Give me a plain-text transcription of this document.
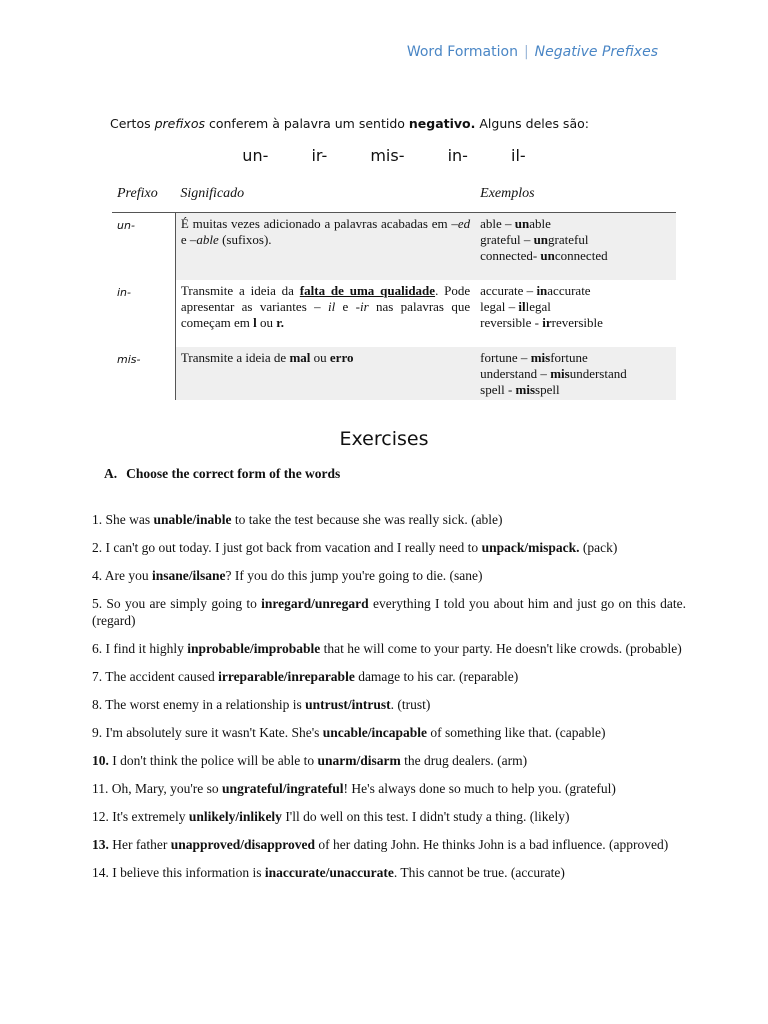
Word Formation | Negative Prefixes
Certos prefixos conferem à palavra um sentido negativo. Alguns deles são:
un-	ir-	mis-	in-	il-
Prefixo	Significado	Exemplos
un-	É muitas vezes adicionado a palavras acabadas em –ed e –able (sufixos).	able – unable
grateful – ungrateful
connected- unconnected

in-	Transmite a ideia da falta de uma qualidade. Pode apresentar as variantes – il e -ir nas palavras que começam em l ou r.	accurate – inaccurate
legal – illegal
reversible - irreversible

mis-	Transmite a ideia de mal ou erro	fortune – misfortune
understand – misunderstand
spell - misspell
Exercises
A. Choose the correct form of the words
1. She was unable/inable to take the test because she was really sick. (able)
2. I can't go out today. I just got back from vacation and I really need to unpack/mispack. (pack)
4. Are you insane/ilsane? If you do this jump you're going to die. (sane)
5. So you are simply going to inregard/unregard everything I told you about him and just go on this date. (regard)
6. I find it highly inprobable/improbable that he will come to your party. He doesn't like crowds. (probable)
7. The accident caused irreparable/inreparable damage to his car. (reparable)
8. The worst enemy in a relationship is untrust/intrust. (trust)
9. I'm absolutely sure it wasn't Kate. She's uncable/incapable of something like that. (capable)
10. I don't think the police will be able to unarm/disarm the drug dealers. (arm)
11. Oh, Mary, you're so ungrateful/ingrateful! He's always done so much to help you. (grateful)
12. It's extremely unlikely/inlikely I'll do well on this test. I didn't study a thing. (likely)
13. Her father unapproved/disapproved of her dating John. He thinks John is a bad influence. (approved)
14. I believe this information is inaccurate/unaccurate. This cannot be true. (accurate)
